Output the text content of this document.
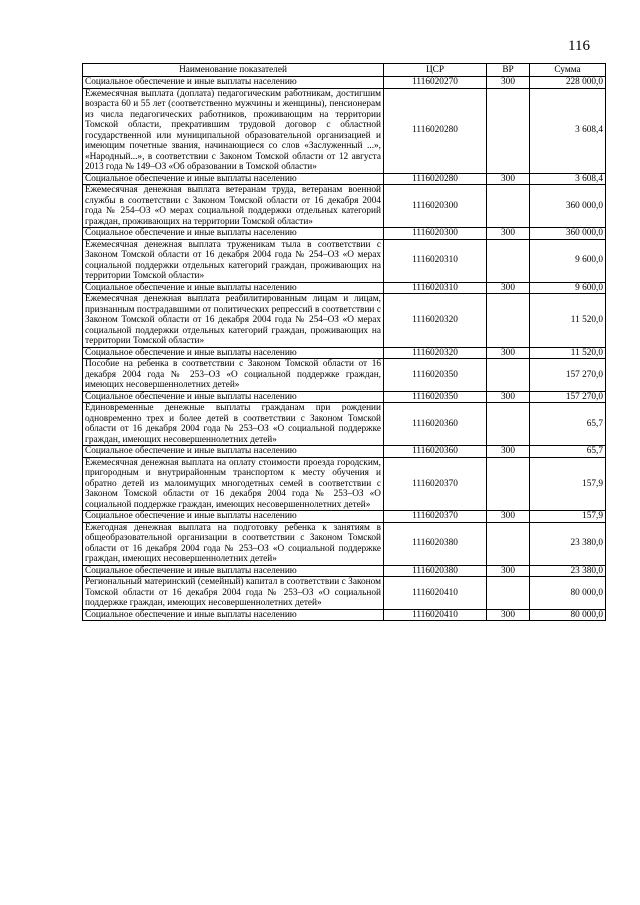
116
Наименование показателей	ЦСР	ВР	Сумма
Социальное обеспечение и иные выплаты населению	1116020270	300	228 000,0
Ежемесячная выплата (доплата) педагогическим работникам, достигшим возраста 60 и 55 лет (соответственно мужчины и женщины), пенсионерам из числа педагогических работников, проживающим на территории Томской области, прекратившим трудовой договор с областной государственной или муниципальной образовательной организацией и имеющим почетные звания, начинающиеся со слов «Заслуженный ...», «Народный...», в соответствии с Законом Томской области от 12 августа 2013 года № 149–ОЗ «Об образовании в Томской области»	1116020280		3 608,4
Социальное обеспечение и иные выплаты населению	1116020280	300	3 608,4
Ежемесячная денежная выплата ветеранам труда, ветеранам военной службы в соответствии с Законом Томской области от 16 декабря 2004 года № 254–ОЗ «О мерах социальной поддержки отдельных категорий граждан, проживающих на территории Томской области»	1116020300		360 000,0
Социальное обеспечение и иные выплаты населению	1116020300	300	360 000,0
Ежемесячная денежная выплата труженикам тыла в соответствии с Законом Томской области от 16 декабря 2004 года № 254–ОЗ «О мерах социальной поддержки отдельных категорий граждан, проживающих на территории Томской области»	1116020310		9 600,0
Социальное обеспечение и иные выплаты населению	1116020310	300	9 600,0
Ежемесячная денежная выплата реабилитированным лицам и лицам, признанным пострадавшими от политических репрессий в соответствии с Законом Томской области от 16 декабря 2004 года № 254–ОЗ «О мерах социальной поддержки отдельных категорий граждан, проживающих на территории Томской области»	1116020320		11 520,0
Социальное обеспечение и иные выплаты населению	1116020320	300	11 520,0
Пособие на ребенка в соответствии с Законом Томской области от 16 декабря 2004 года № 253–ОЗ «О социальной поддержке граждан, имеющих несовершеннолетних детей»	1116020350		157 270,0
Социальное обеспечение и иные выплаты населению	1116020350	300	157 270,0
Единовременные денежные выплаты гражданам при рождении одновременно трех и более детей в соответствии с Законом Томской области от 16 декабря 2004 года № 253–ОЗ «О социальной поддержке граждан, имеющих несовершеннолетних детей»	1116020360		65,7
Социальное обеспечение и иные выплаты населению	1116020360	300	65,7
Ежемесячная денежная выплата на оплату стоимости проезда городским, пригородным и внутрирайонным транспортом к месту обучения и обратно детей из малоимущих многодетных семей в соответствии с Законом Томской области от 16 декабря 2004 года № 253–ОЗ «О социальной поддержке граждан, имеющих несовершеннолетних детей»	1116020370		157,9
Социальное обеспечение и иные выплаты населению	1116020370	300	157,9
Ежегодная денежная выплата на подготовку ребенка к занятиям в общеобразовательной организации в соответствии с Законом Томской области от 16 декабря 2004 года № 253–ОЗ «О социальной поддержке граждан, имеющих несовершеннолетних детей»	1116020380		23 380,0
Социальное обеспечение и иные выплаты населению	1116020380	300	23 380,0
Региональный материнский (семейный) капитал в соответствии с Законом Томской области от 16 декабря 2004 года № 253–ОЗ «О социальной поддержке граждан, имеющих несовершеннолетних детей»	1116020410		80 000,0
Социальное обеспечение и иные выплаты населению	1116020410	300	80 000,0
